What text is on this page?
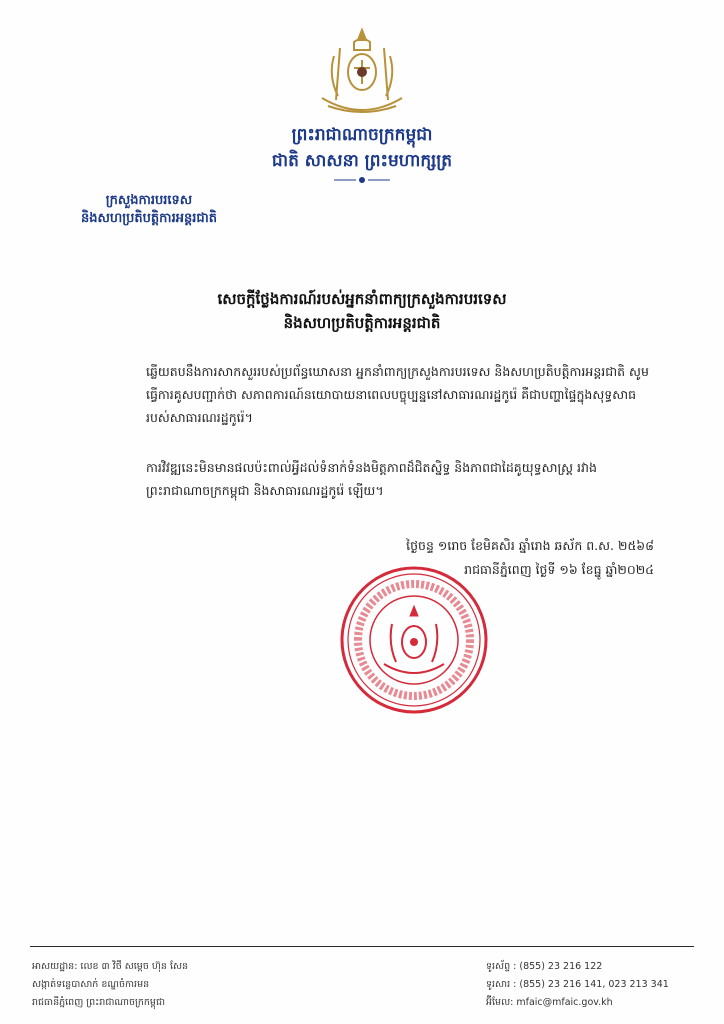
ព្រះរាជាណាចក្រកម្ពុជា
ជាតិ សាសនា ព្រះមហាក្សត្រ
ក្រសួងការបរទេស
និងសហប្រតិបត្តិការអន្តរជាតិ
សេចក្តីថ្លែងការណ៍របស់អ្នកនាំពាក្យក្រសួងការបរទេស
និងសហប្រតិបត្តិការអន្តរជាតិ
ឆ្លើយតបនឹងការសាកសួររបស់ប្រព័ន្ធឃោសនា អ្នកនាំពាក្យក្រសួងការបរទេស និងសហប្រតិបត្តិការអន្តរជាតិ សូមធ្វើការគូសបញ្ជាក់ថា សភាពការណ៍នយោបាយនាពេលបច្ចុប្បន្ននៅសាធារណរដ្ឋកូរ៉េ គឺជាបញ្ហាផ្ទៃក្នុងសុទ្ធសាធរបស់សាធារណរដ្ឋកូរ៉េ។
ការវិវឌ្ឍនេះមិនមានផលប៉ះពាល់អ្វីដល់ទំនាក់ទំនងមិត្តភាពដ៏ជិតស្និទ្ធ និងភាពជាដៃគូយុទ្ធសាស្ត្រ រវាងព្រះរាជាណាចក្រកម្ពុជា និងសាធារណរដ្ឋកូរ៉េ ឡើយ។
ថ្ងៃចន្ទ ១រោច ខែមិគសិរ ឆ្នាំរោង ឆស័ក ព.ស. ២៥៦៨
រាជធានីភ្នំពេញ ថ្ងៃទី ១៦ ខែធ្នូ ឆ្នាំ២០២៤
អាសយដ្ឋាន: លេខ ៣ វិថី សម្តេច ហ៊ុន សែន
សង្កាត់ទន្លេបាសាក់ ខណ្ឌចំការមន
រាជធានីភ្នំពេញ ព្រះរាជាណាចក្រកម្ពុជា
ទូរស័ព្ទ : (855) 23 216 122
ទូរសារ : (855) 23 216 141, 023 213 341
អ៊ីមែល: mfaic@mfaic.gov.kh
